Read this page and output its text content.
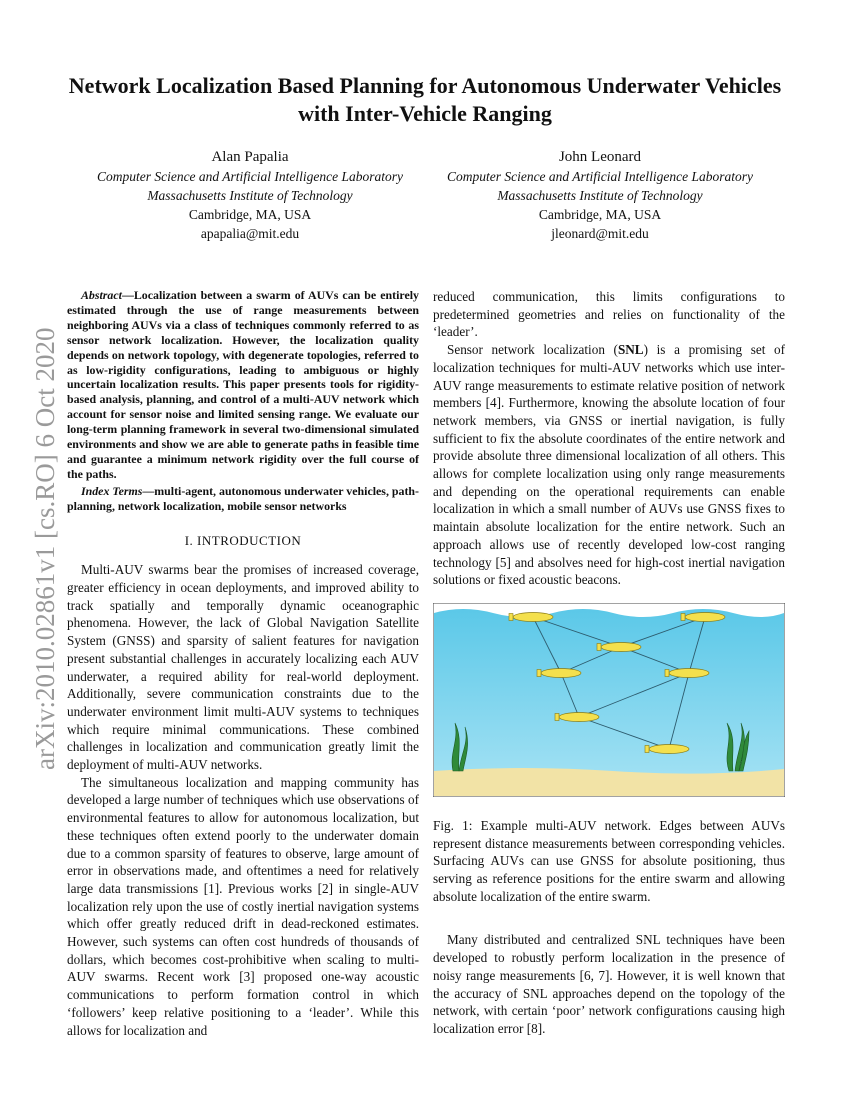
arXiv:2010.02861v1 [cs.RO] 6 Oct 2020
Network Localization Based Planning for Autonomous Underwater Vehicles with Inter-Vehicle Ranging
Alan Papalia
Computer Science and Artificial Intelligence Laboratory
Massachusetts Institute of Technology
Cambridge, MA, USA
apapalia@mit.edu
John Leonard
Computer Science and Artificial Intelligence Laboratory
Massachusetts Institute of Technology
Cambridge, MA, USA
jleonard@mit.edu

Abstract—Localization between a swarm of AUVs can be entirely estimated through the use of range measurements between neighboring AUVs via a class of techniques commonly referred to as sensor network localization. However, the localization quality depends on network topology, with degenerate topologies, referred to as low-rigidity configurations, leading to ambiguous or highly uncertain localization results. This paper presents tools for rigidity-based analysis, planning, and control of a multi-AUV network which account for sensor noise and limited sensing range. We evaluate our long-term planning framework in several two-dimensional simulated environments and show we are able to generate paths in feasible time and guarantee a minimum network rigidity over the full course of the paths.

Index Terms—multi-agent, autonomous underwater vehicles, path-planning, network localization, mobile sensor networks

I. INTRODUCTION

Multi-AUV swarms bear the promises of increased coverage, greater efficiency in ocean deployments, and improved ability to track spatially and temporally dynamic oceanographic phenomena. However, the lack of Global Navigation Satellite System (GNSS) and sparsity of salient features for navigation present substantial challenges in accurately localizing each AUV underwater, a required ability for real-world deployment. Additionally, severe communication constraints due to the underwater environment limit multi-AUV systems to techniques which require minimal communications. These combined challenges in localization and communication greatly limit the deployment of multi-AUV networks.

The simultaneous localization and mapping community has developed a large number of techniques which use observations of environmental features to allow for autonomous localization, but these techniques often extend poorly to the underwater domain due to a common sparsity of features to observe, large amount of error in observations made, and oftentimes a need for relatively large data transmissions [1]. Previous works [2] in single-AUV localization rely upon the use of costly inertial navigation systems which offer greatly reduced drift in dead-reckoned estimates. However, such systems can often cost hundreds of thousands of dollars, which becomes cost-prohibitive when scaling to multi-AUV swarms. Recent work [3] proposed one-way acoustic communications to perform formation control in which ‘followers’ keep relative positioning to a ‘leader’. While this allows for localization and

reduced communication, this limits configurations to predetermined geometries and relies on functionality of the ‘leader’.

Sensor network localization (SNL) is a promising set of localization techniques for multi-AUV networks which use inter-AUV range measurements to estimate relative position of network members [4]. Furthermore, knowing the absolute location of four network members, via GNSS or inertial navigation, is fully sufficient to fix the absolute coordinates of the entire network and provide absolute three dimensional localization of all others. This allows for complete localization using only range measurements and depending on the operational requirements can enable localization in which a small number of AUVs use GNSS fixes to maintain absolute localization for the entire network. Such an approach allows use of recently developed low-cost ranging technology [5] and absolves need for high-cost inertial navigation solutions or fixed acoustic beacons.

Fig. 1: Example multi-AUV network. Edges between AUVs represent distance measurements between corresponding vehicles. Surfacing AUVs can use GNSS for absolute positioning, thus serving as reference positions for the entire swarm and allowing absolute localization of the entire swarm.

Many distributed and centralized SNL techniques have been developed to robustly perform localization in the presence of noisy range measurements [6, 7]. However, it is well known that the accuracy of SNL approaches depend on the topology of the network, with certain ‘poor’ network configurations causing high localization error [8].
